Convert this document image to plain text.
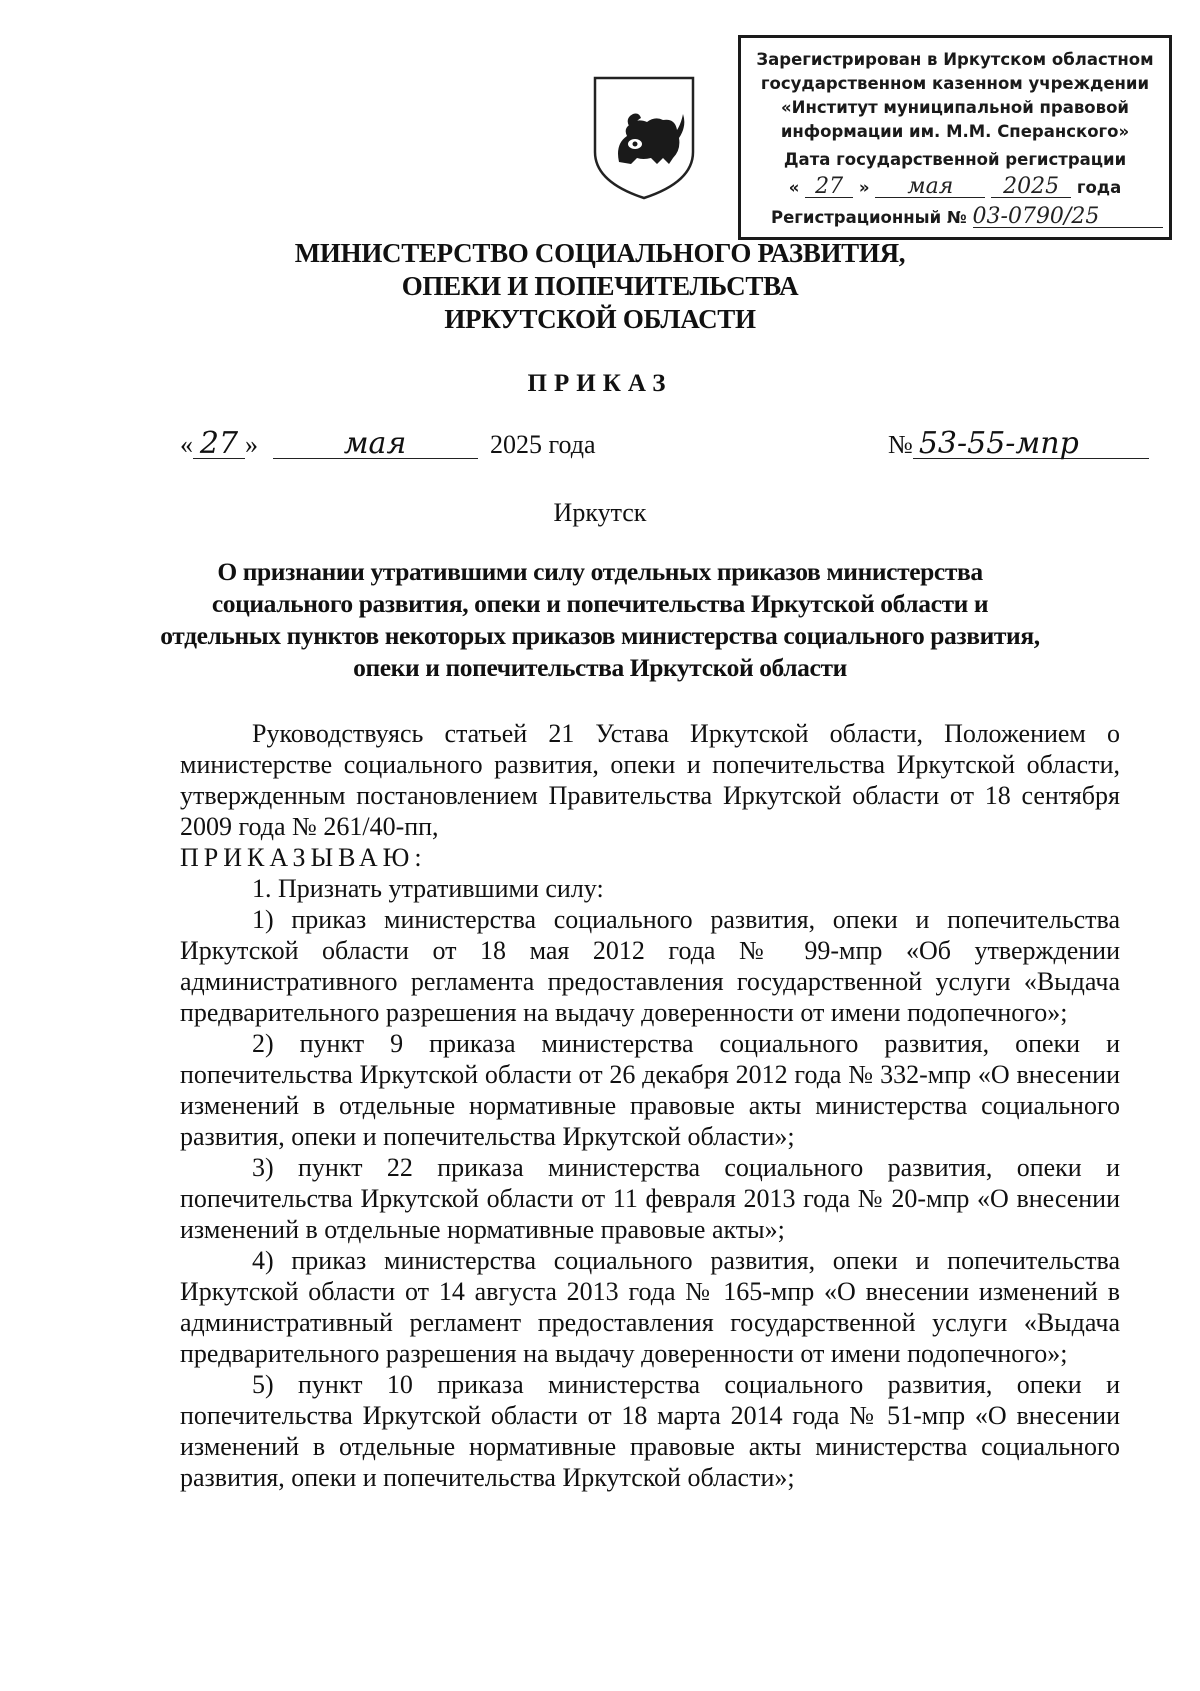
Зарегистрирован в Иркутском областном
государственном казенном учреждении
«Институт муниципальной правовой
информации им. М.М. Сперанского»
Дата государственной регистрации
« 27 » мая 2025 года
Регистрационный № 03-0790/25
МИНИСТЕРСТВО СОЦИАЛЬНОГО РАЗВИТИЯ,
ОПЕКИ И ПОПЕЧИТЕЛЬСТВА
ИРКУТСКОЙ ОБЛАСТИ
ПРИКАЗ
« 27 »	мая	2025 года	№ 53-55-мпр
Иркутск
О признании утратившими силу отдельных приказов министерства
социального развития, опеки и попечительства Иркутской области и
отдельных пунктов некоторых приказов министерства социального развития,
опеки и попечительства Иркутской области

Руководствуясь статьей 21 Устава Иркутской области, Положением о министерстве социального развития, опеки и попечительства Иркутской области, утвержденным постановлением Правительства Иркутской области от 18 сентября 2009 года № 261/40-пп,

ПРИКАЗЫВАЮ:

1. Признать утратившими силу:

1) приказ министерства социального развития, опеки и попечительства Иркутской области от 18 мая 2012 года № 99-мпр «Об утверждении административного регламента предоставления государственной услуги «Выдача предварительного разрешения на выдачу доверенности от имени подопечного»;

2) пункт 9 приказа министерства социального развития, опеки и попечительства Иркутской области от 26 декабря 2012 года № 332-мпр «О внесении изменений в отдельные нормативные правовые акты министерства социального развития, опеки и попечительства Иркутской области»;

3) пункт 22 приказа министерства социального развития, опеки и попечительства Иркутской области от 11 февраля 2013 года № 20-мпр «О внесении изменений в отдельные нормативные правовые акты»;

4) приказ министерства социального развития, опеки и попечительства Иркутской области от 14 августа 2013 года № 165-мпр «О внесении изменений в административный регламент предоставления государственной услуги «Выдача предварительного разрешения на выдачу доверенности от имени подопечного»;

5) пункт 10 приказа министерства социального развития, опеки и попечительства Иркутской области от 18 марта 2014 года № 51-мпр «О внесении изменений в отдельные нормативные правовые акты министерства социального развития, опеки и попечительства Иркутской области»;
